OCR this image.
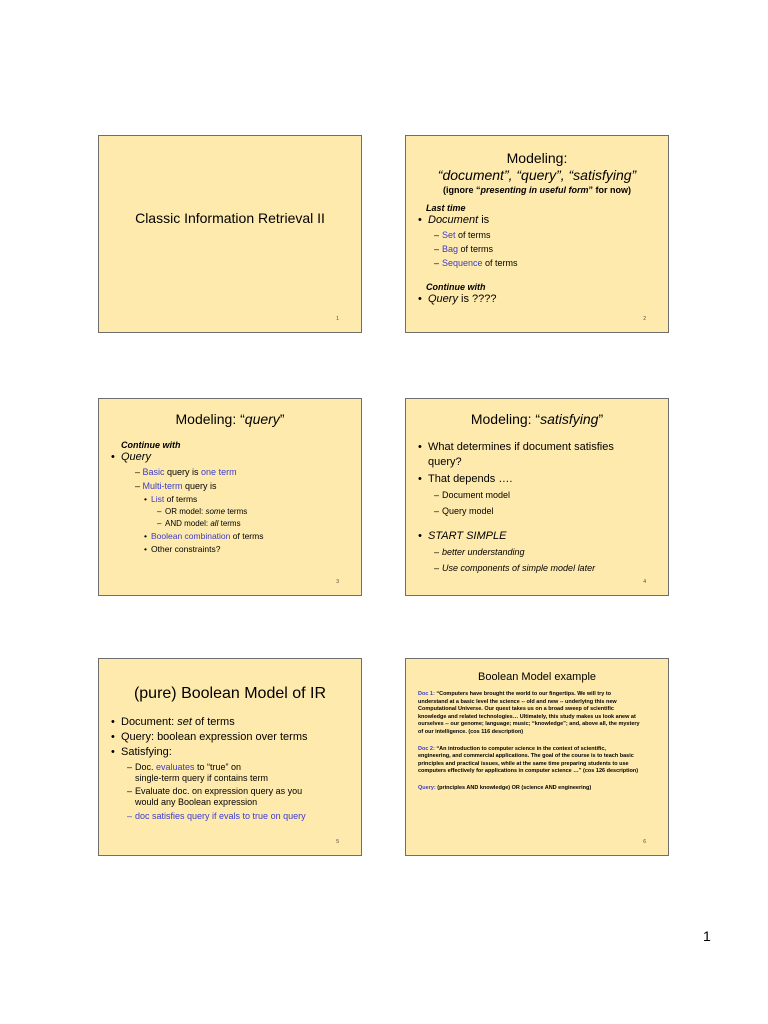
Classic Information Retrieval II
1
Modeling:
“document”, “query”, “satisfying”
(ignore “presenting in useful form” for now)
Last time
• Document is
– Set of terms
– Bag of terms
– Sequence of terms
Continue with
• Query is ????
2
Modeling: “query”
Continue with
• Query
– Basic query is one term
– Multi-term query is
• List of terms
– OR model: some terms
– AND model: all terms
• Boolean combination of terms
• Other constraints?
3
Modeling: “satisfying”
• What determines if document satisfies
query?
• That depends ….
– Document model
– Query model
• START SIMPLE
– better understanding
– Use components of simple model later
4
(pure) Boolean Model of IR
• Document: set of terms
• Query: boolean expression over terms
• Satisfying:
– Doc. evaluates to “true” on
single-term query if contains term
– Evaluate doc. on expression query as you
would any Boolean expression
– doc satisfies query if evals to true on query
5
Boolean Model example
Doc 1: “Computers have brought the world to our fingertips. We will try to understand at a basic level the science -- old and new -- underlying this new Computational Universe. Our quest takes us on a broad sweep of scientific knowledge and related technologies… Ultimately, this study makes us look anew at ourselves -- our genome; language; music; “knowledge”; and, above all, the mystery of our intelligence. (cos 116 description)
Doc 2: “An introduction to computer science in the context of scientific, engineering, and commercial applications. The goal of the course is to teach basic principles and practical issues, while at the same time preparing students to use computers effectively for applications in computer science …” (cos 126 description)
Query: (principles AND knowledge) OR (science AND engineering)
6
1
